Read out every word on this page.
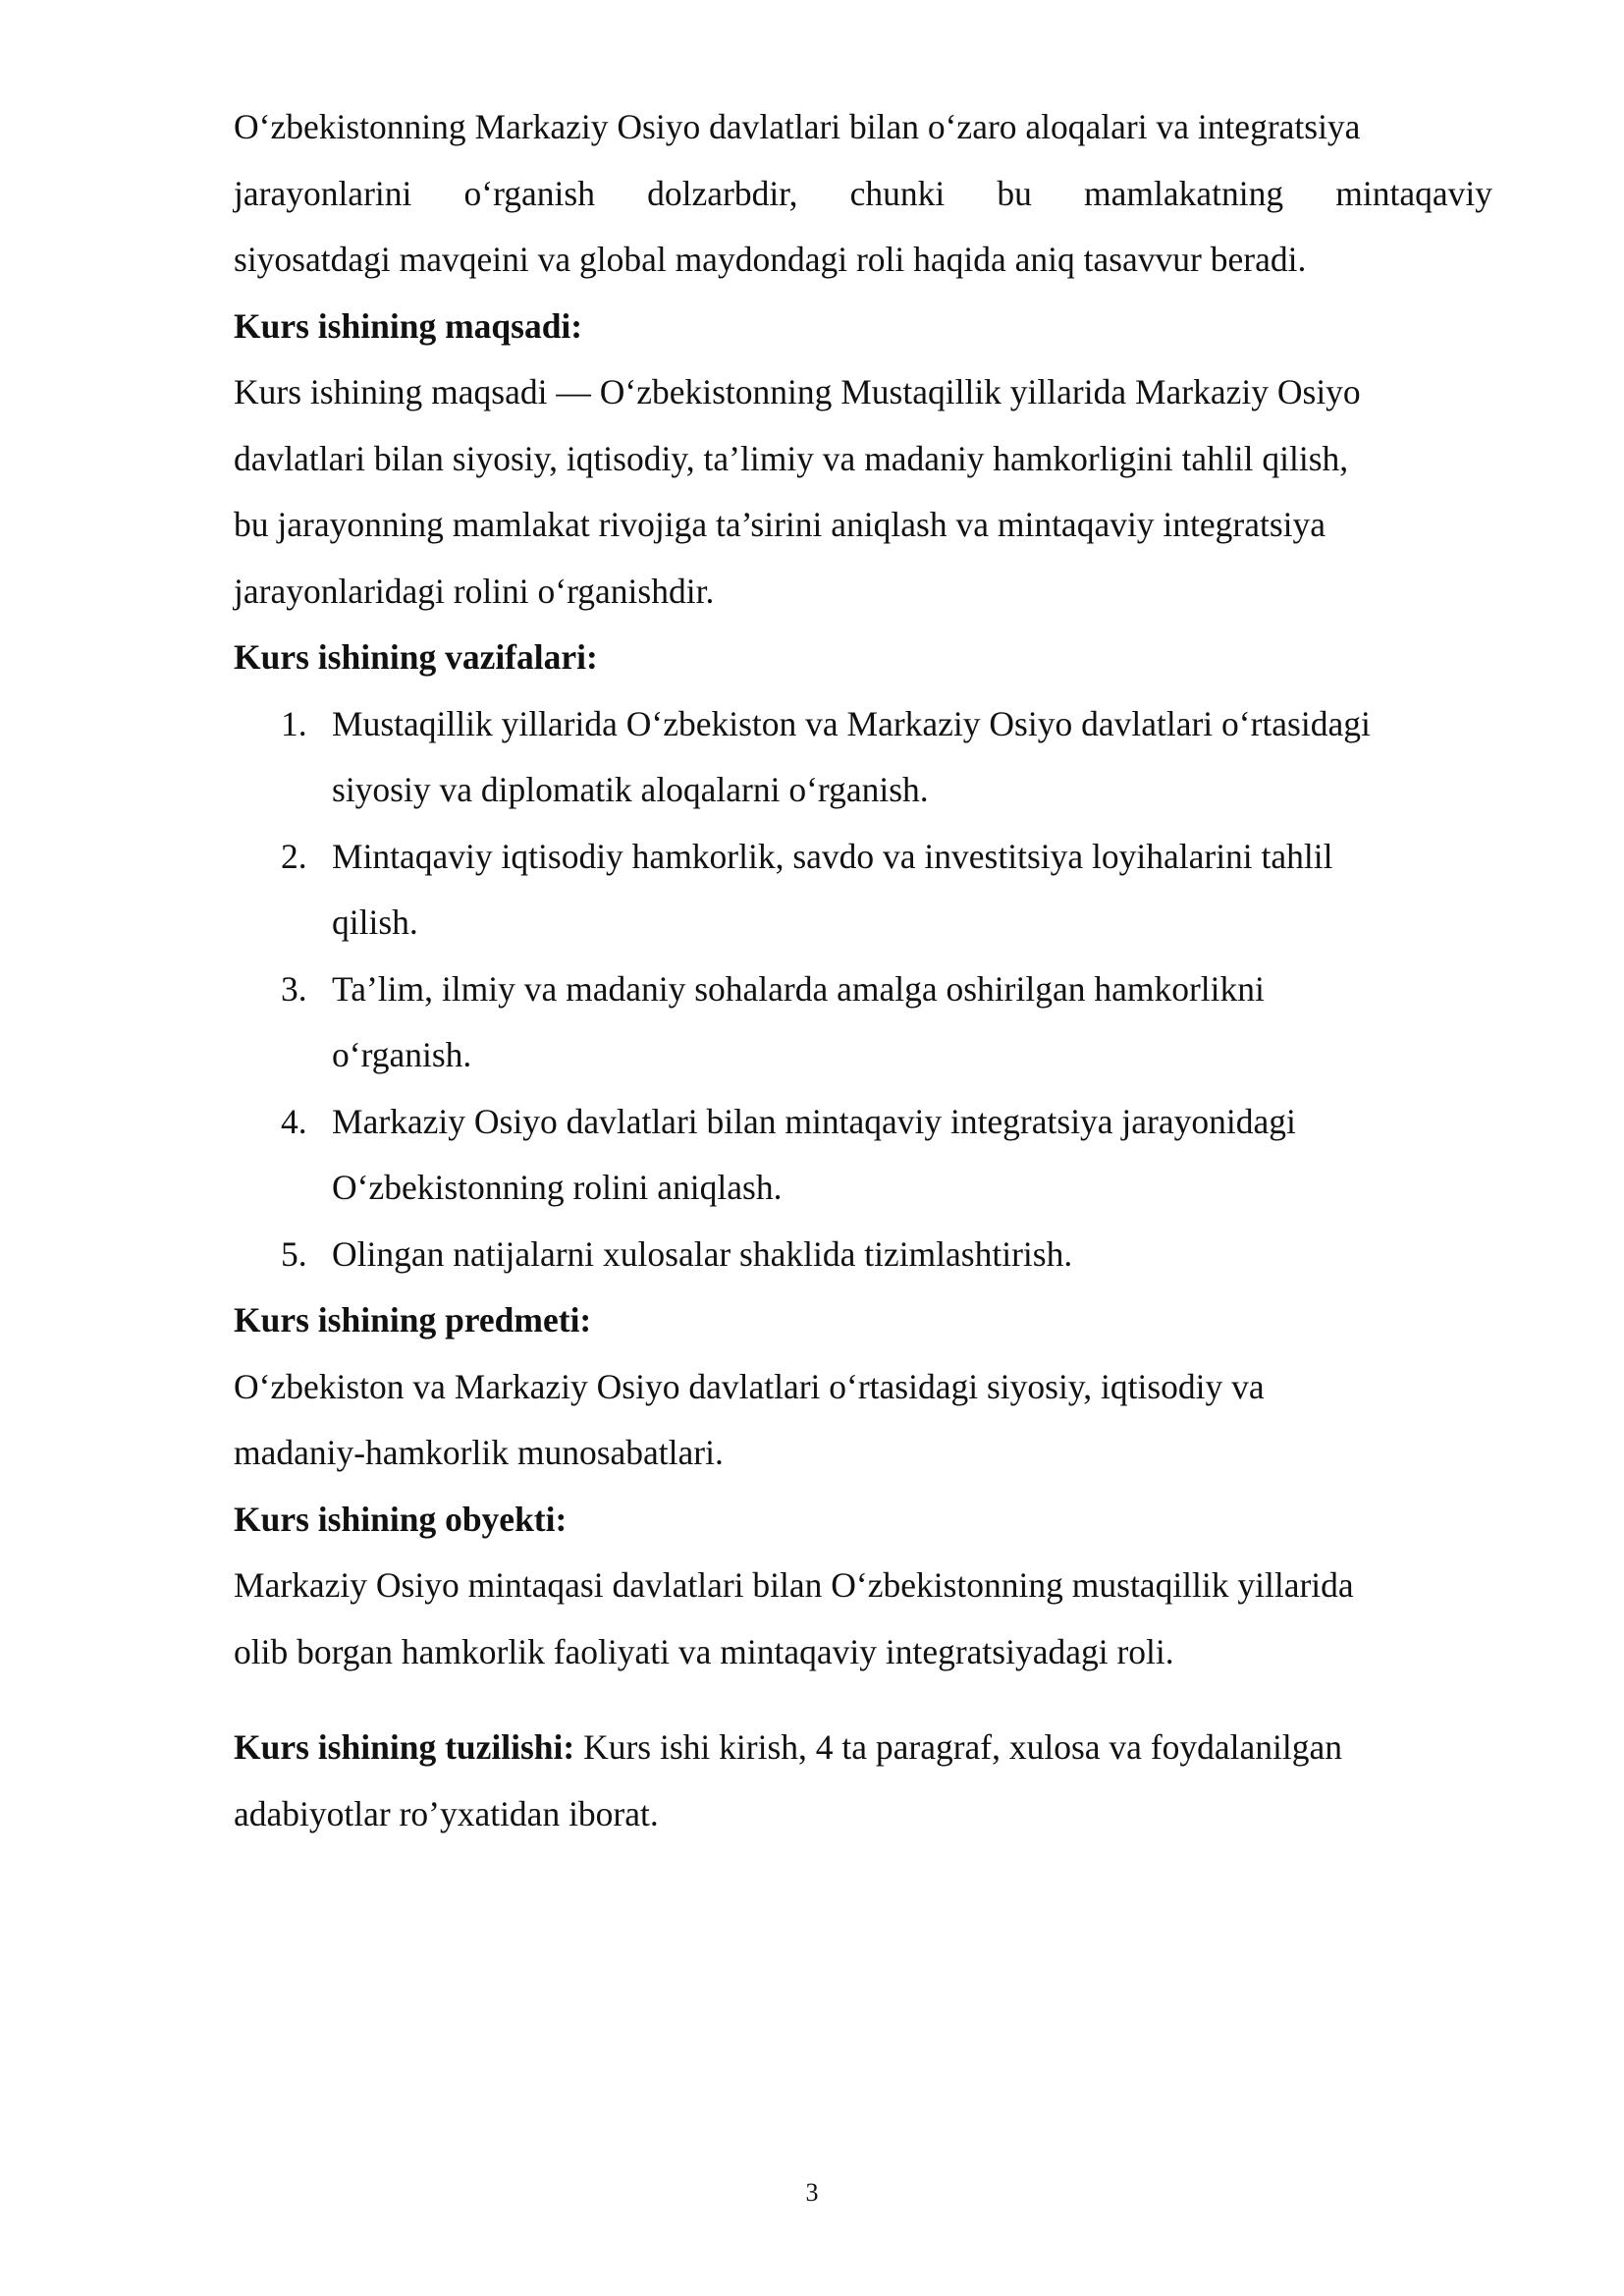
O‘zbekistonning Markaziy Osiyo davlatlari bilan o‘zaro aloqalari va integratsiya

jarayonlarini o‘rganish dolzarbdir, chunki bu mamlakatning mintaqaviy

siyosatdagi mavqeini va global maydondagi roli haqida aniq tasavvur beradi.

Kurs ishining maqsadi:

Kurs ishining maqsadi — O‘zbekistonning Mustaqillik yillarida Markaziy Osiyo

davlatlari bilan siyosiy, iqtisodiy, ta’limiy va madaniy hamkorligini tahlil qilish,

bu jarayonning mamlakat rivojiga ta’sirini aniqlash va mintaqaviy integratsiya

jarayonlaridagi rolini o‘rganishdir.

Kurs ishining vazifalari:

1. Mustaqillik yillarida O‘zbekiston va Markaziy Osiyo davlatlari o‘rtasidagi
siyosiy va diplomatik aloqalarni o‘rganish.
2. Mintaqaviy iqtisodiy hamkorlik, savdo va investitsiya loyihalarini tahlil
qilish.
3. Ta’lim, ilmiy va madaniy sohalarda amalga oshirilgan hamkorlikni
o‘rganish.
4. Markaziy Osiyo davlatlari bilan mintaqaviy integratsiya jarayonidagi
O‘zbekistonning rolini aniqlash.
5. Olingan natijalarni xulosalar shaklida tizimlashtirish.

Kurs ishining predmeti:

O‘zbekiston va Markaziy Osiyo davlatlari o‘rtasidagi siyosiy, iqtisodiy va

madaniy-hamkorlik munosabatlari.

Kurs ishining obyekti:

Markaziy Osiyo mintaqasi davlatlari bilan O‘zbekistonning mustaqillik yillarida

olib borgan hamkorlik faoliyati va mintaqaviy integratsiyadagi roli.

Kurs ishining tuzilishi: Kurs ishi kirish, 4 ta paragraf, xulosa va foydalanilgan

adabiyotlar ro’yxatidan iborat.

3
